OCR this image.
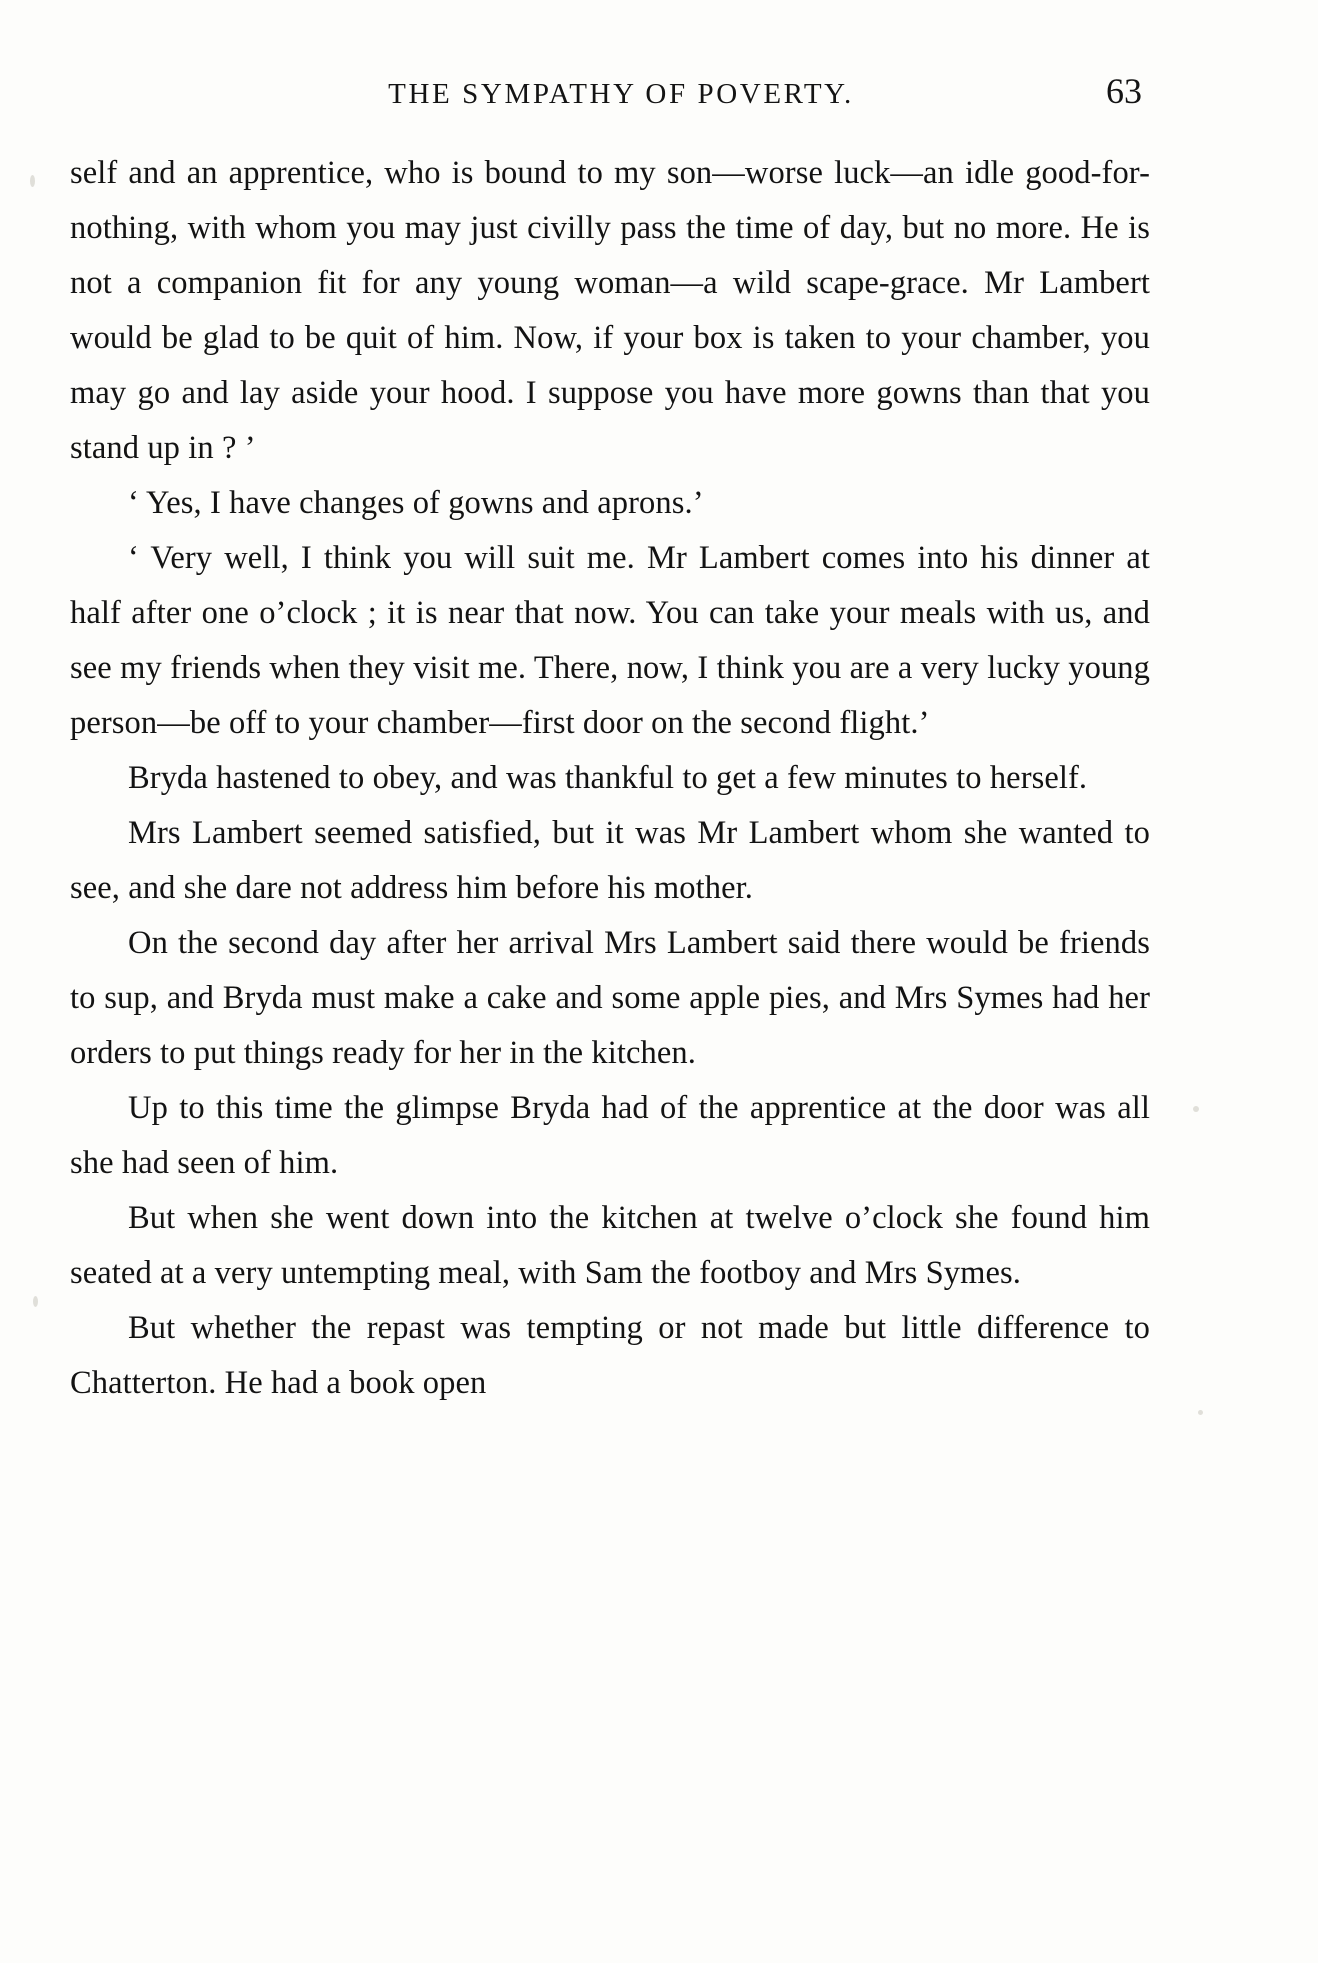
THE SYMPATHY OF POVERTY.	63

self and an apprentice, who is bound to my son—worse luck—an idle good-for-nothing, with whom you may just civilly pass the time of day, but no more. He is not a companion fit for any young woman—a wild scape-grace. Mr Lambert would be glad to be quit of him. Now, if your box is taken to your chamber, you may go and lay aside your hood. I suppose you have more gowns than that you stand up in ? ’

‘ Yes, I have changes of gowns and aprons.’

‘ Very well, I think you will suit me. Mr Lambert comes into his dinner at half after one o’clock ; it is near that now. You can take your meals with us, and see my friends when they visit me. There, now, I think you are a very lucky young person—be off to your chamber—first door on the second flight.’

Bryda hastened to obey, and was thankful to get a few minutes to herself.

Mrs Lambert seemed satisfied, but it was Mr Lambert whom she wanted to see, and she dare not address him before his mother.

On the second day after her arrival Mrs Lambert said there would be friends to sup, and Bryda must make a cake and some apple pies, and Mrs Symes had her orders to put things ready for her in the kitchen.

Up to this time the glimpse Bryda had of the apprentice at the door was all she had seen of him.

But when she went down into the kitchen at twelve o’clock she found him seated at a very untempting meal, with Sam the footboy and Mrs Symes.

But whether the repast was tempting or not made but little difference to Chatterton. He had a book open
